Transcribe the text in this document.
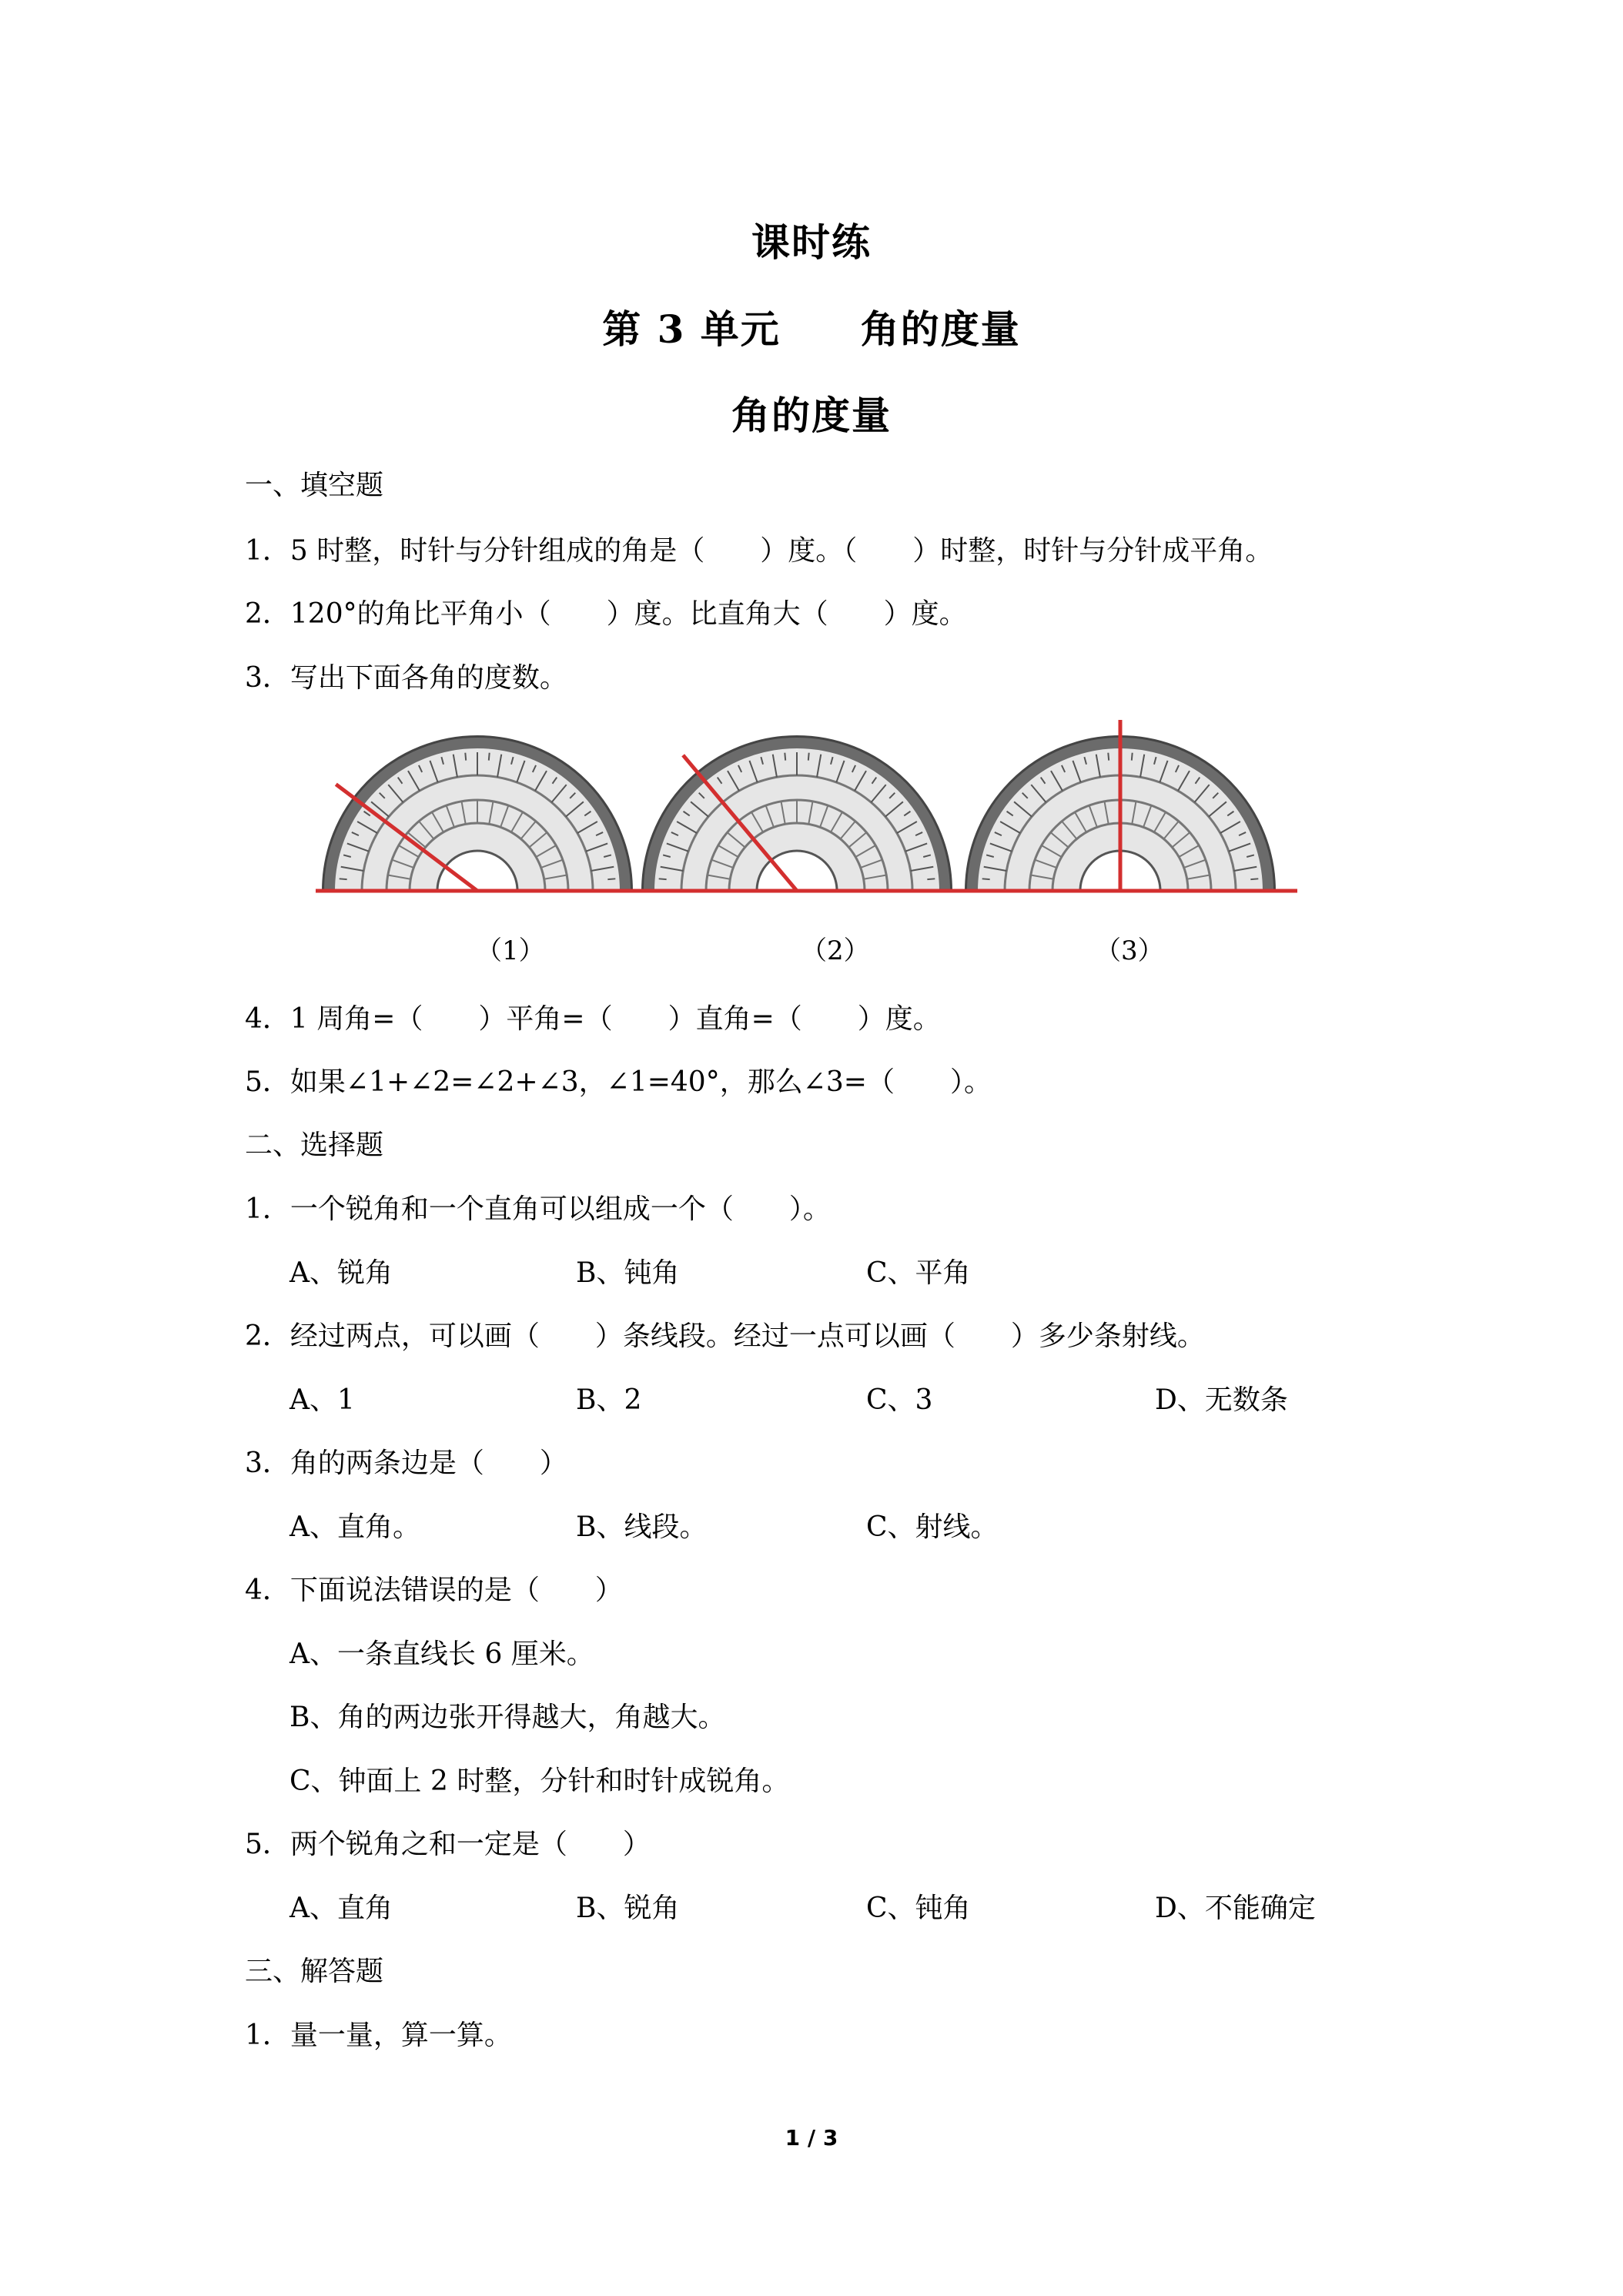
课时练
第 3 单元　　角的度量
角的度量
一、填空题
1．5 时整，时针与分针组成的角是（　　）度。（　　）时整，时针与分针成平角。
2．120°的角比平角小（　　）度。比直角大（　　）度。
3．写出下面各角的度数。
（1）	（2）	（3）
4．1 周角=（　　）平角=（　　）直角=（　　）度。
5．如果∠1+∠2=∠2+∠3，∠1=40°，那么∠3=（　　）。
二、选择题
1．一个锐角和一个直角可以组成一个（　　）。
A、锐角	B、钝角	C、平角
2．经过两点，可以画（　　）条线段。经过一点可以画（　　）多少条射线。
A、1	B、2	C、3	D、无数条
3．角的两条边是（　　）
A、直角。	B、线段。	C、射线。
4．下面说法错误的是（　　）
A、一条直线长 6 厘米。
B、角的两边张开得越大，角越大。
C、钟面上 2 时整，分针和时针成锐角。
5．两个锐角之和一定是（　　）
A、直角	B、锐角	C、钝角	D、不能确定
三、解答题
1．量一量，算一算。
1 / 3
